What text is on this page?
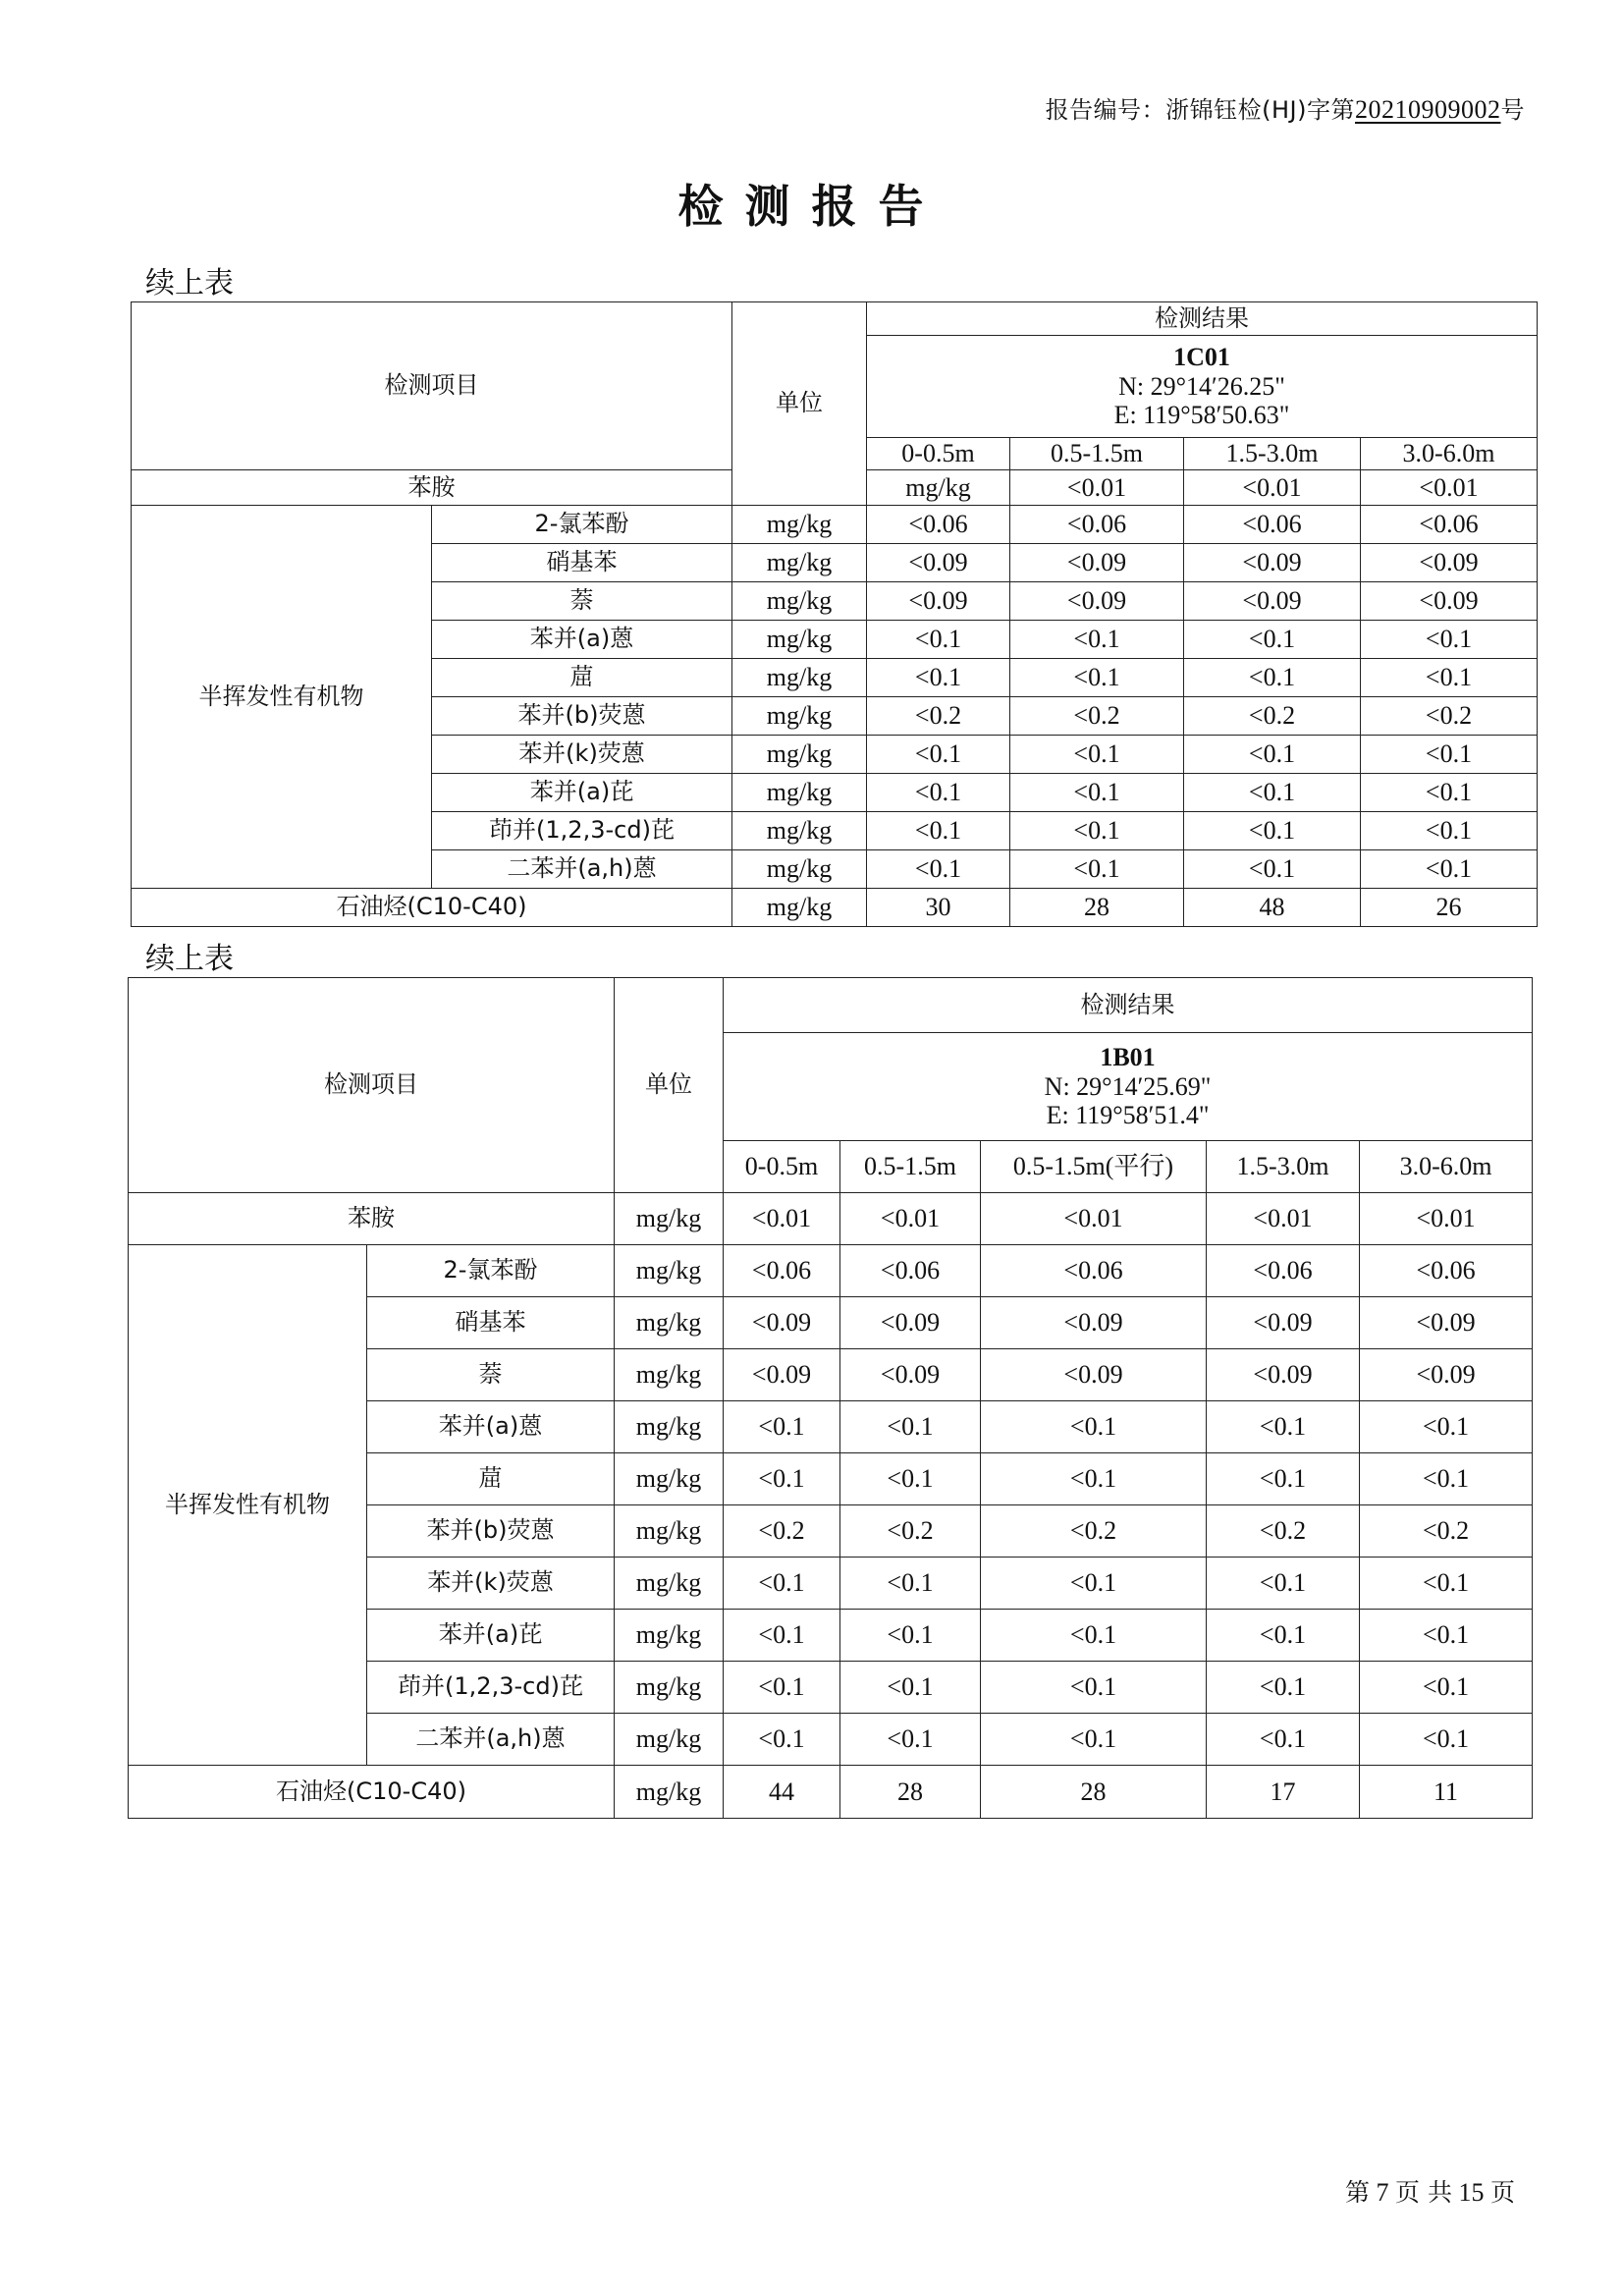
报告编号：浙锦钰检(HJ)字第20210909002号
检测报告
续上表
检测项目		单位	检测结果				

			1C01
N: 29°14′26.25"
E: 119°58′50.63"				

			0-0.5m	0.5-1.5m	1.5-3.0m	3.0-6.0m	
苯胺			mg/kg	<0.01	<0.01	<0.01	
半挥发性有机物	2-氯苯酚	mg/kg	<0.06	<0.06	<0.06	<0.06	
	硝基苯	mg/kg	<0.09	<0.09	<0.09	<0.09	
	萘	mg/kg	<0.09	<0.09	<0.09	<0.09	
	苯并(a)蒽	mg/kg	<0.1	<0.1	<0.1	<0.1	
	䓛	mg/kg	<0.1	<0.1	<0.1	<0.1	
	苯并(b)荧蒽	mg/kg	<0.2	<0.2	<0.2	<0.2	
	苯并(k)荧蒽	mg/kg	<0.1	<0.1	<0.1	<0.1	
	苯并(a)芘	mg/kg	<0.1	<0.1	<0.1	<0.1	
	茚并(1,2,3-cd)芘	mg/kg	<0.1	<0.1	<0.1	<0.1	
	二苯并(a,h)蒽	mg/kg	<0.1	<0.1	<0.1	<0.1	
石油烃(C10-C40)		mg/kg	30	28	48	26	
续上表
检测项目		单位	检测结果				

			1B01
N: 29°14′25.69"
E: 119°58′51.4"				

			0-0.5m	0.5-1.5m	0.5-1.5m(平行)	1.5-3.0m	3.0-6.0m
苯胺		mg/kg	<0.01	<0.01	<0.01	<0.01	<0.01
半挥发性有机物	2-氯苯酚	mg/kg	<0.06	<0.06	<0.06	<0.06	<0.06
	硝基苯	mg/kg	<0.09	<0.09	<0.09	<0.09	<0.09
	萘	mg/kg	<0.09	<0.09	<0.09	<0.09	<0.09
	苯并(a)蒽	mg/kg	<0.1	<0.1	<0.1	<0.1	<0.1
	䓛	mg/kg	<0.1	<0.1	<0.1	<0.1	<0.1
	苯并(b)荧蒽	mg/kg	<0.2	<0.2	<0.2	<0.2	<0.2
	苯并(k)荧蒽	mg/kg	<0.1	<0.1	<0.1	<0.1	<0.1
	苯并(a)芘	mg/kg	<0.1	<0.1	<0.1	<0.1	<0.1
	茚并(1,2,3-cd)芘	mg/kg	<0.1	<0.1	<0.1	<0.1	<0.1
	二苯并(a,h)蒽	mg/kg	<0.1	<0.1	<0.1	<0.1	<0.1
石油烃(C10-C40)		mg/kg	44	28	28	17	11
第 7 页 共 15 页
